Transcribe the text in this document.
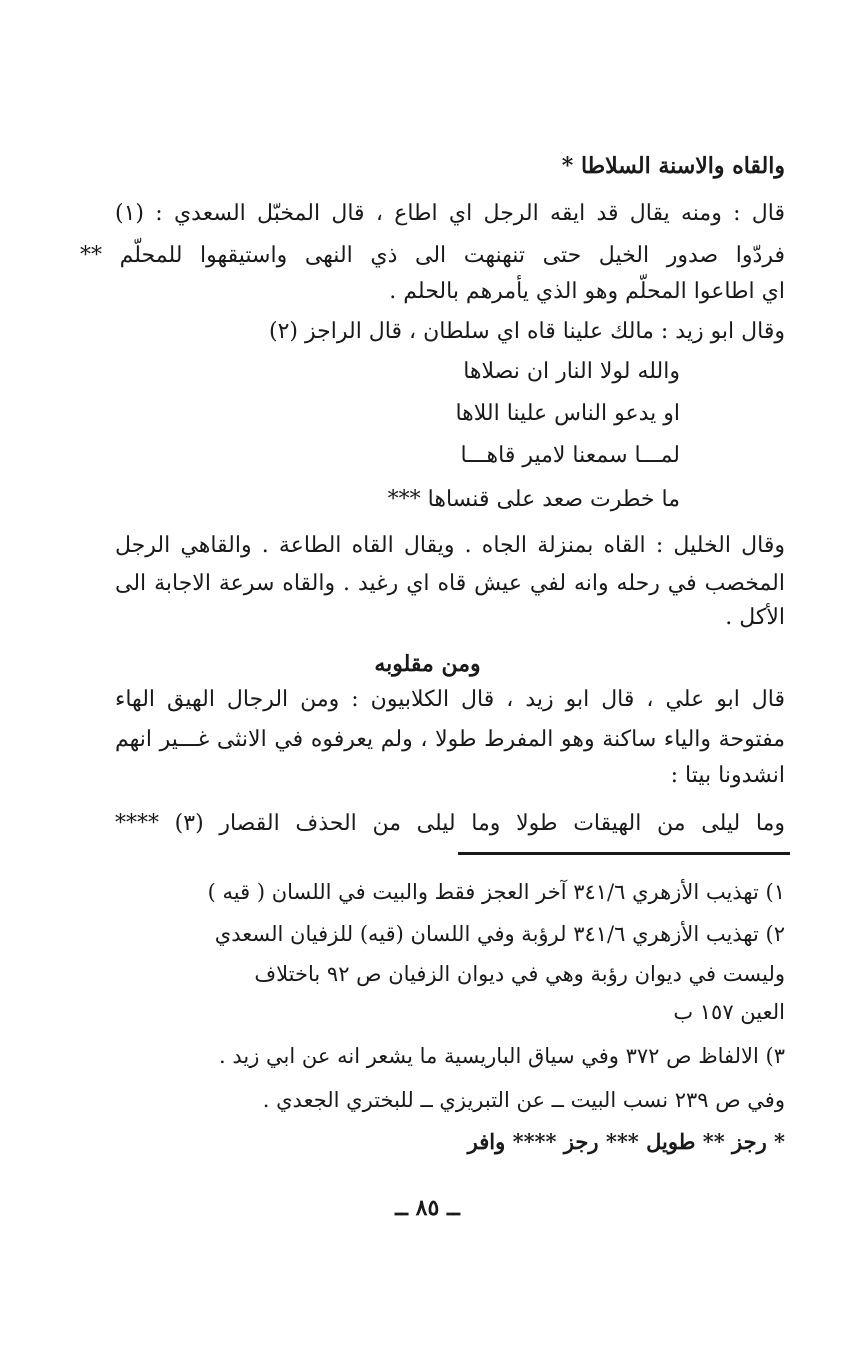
والقاه والاسنة السلاطا *
قال : ومنه يقال قد ايقه الرجل اي اطاع ، قال المخبّل السعدي : (١)
فردّوا صدور الخيل حتى تنهنهت الى ذي النهى واستيقهوا للمحلّم **
اي اطاعوا المحلّم وهو الذي يأمرهم بالحلم .
وقال ابو زيد : مالك علينا قاه اي سلطان ، قال الراجز (٢)
والله لولا النار ان نصلاها
او يدعو الناس علينا اللاها
لمـــا سمعنا لامير قاهـــا
ما خطرت صعد على قنساها ***
وقال الخليل : القاه بمنزلة الجاه . ويقال القاه الطاعة . والقاهي الرجل
المخصب في رحله وانه لفي عيش قاه اي رغيد . والقاه سرعة الاجابة الى
الأكل .
ومن مقلوبه
قال ابو علي ، قال ابو زيد ، قال الكلابيون : ومن الرجال الهيق الهاء
مفتوحة والياء ساكنة وهو المفرط طولا ، ولم يعرفوه في الانثى غـــير انهم
انشدونا بيتا :
وما ليلى من الهيقات طولا وما ليلى من الحذف القصار (٣) ****
١) تهذيب الأزهري ٣٤١/٦ آخر العجز فقط والبيت في اللسان ( قيه )
٢) تهذيب الأزهري ٣٤١/٦ لرؤبة وفي اللسان (قيه) للزفيان السعدي
وليست في ديوان رؤبة وهي في ديوان الزفيان ص ٩٢ باختلاف
العين ١٥٧ ب
٣) الالفاظ ص ٣٧٢ وفي سياق الباريسية ما يشعر انه عن ابي زيد .
وفي ص ٢٣٩ نسب البيت ــ عن التبريزي ــ للبختري الجعدي .
* رجز ** طويل *** رجز **** وافر
ــ ٨٥ ــ
